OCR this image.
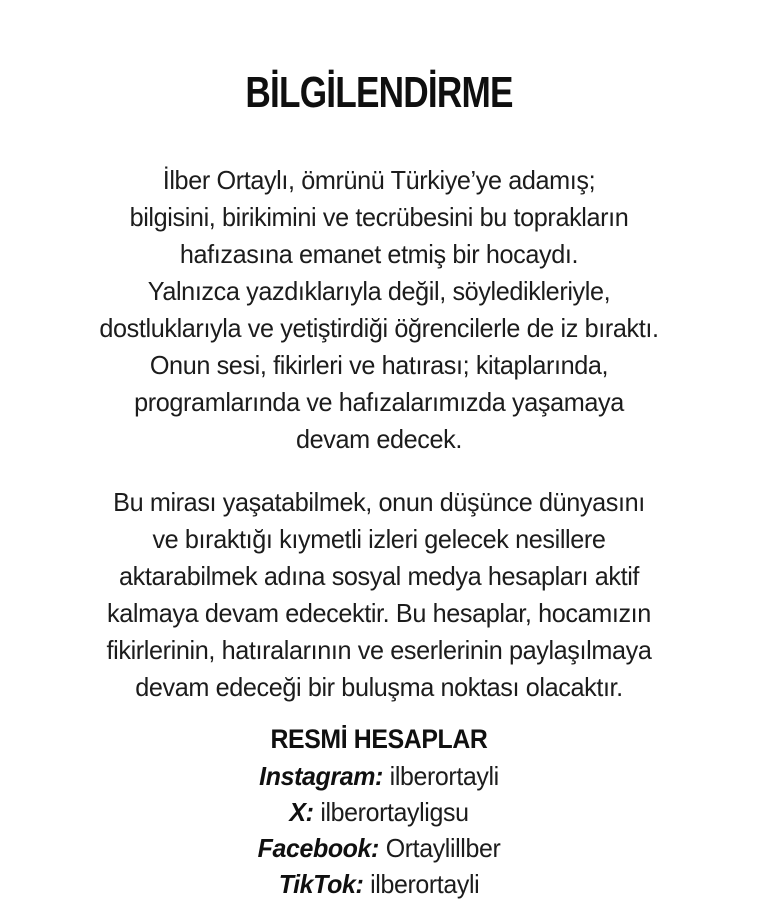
BİLGİLENDİRME
İlber Ortaylı, ömrünü Türkiye’ye adamış;
bilgisini, birikimini ve tecrübesini bu toprakların
hafızasına emanet etmiş bir hocaydı.
Yalnızca yazdıklarıyla değil, söyledikleriyle,
dostluklarıyla ve yetiştirdiği öğrencilerle de iz bıraktı.
Onun sesi, fikirleri ve hatırası; kitaplarında,
programlarında ve hafızalarımızda yaşamaya
devam edecek.
Bu mirası yaşatabilmek, onun düşünce dünyasını
ve bıraktığı kıymetli izleri gelecek nesillere
aktarabilmek adına sosyal medya hesapları aktif
kalmaya devam edecektir. Bu hesaplar, hocamızın
fikirlerinin, hatıralarının ve eserlerinin paylaşılmaya
devam edeceği bir buluşma noktası olacaktır.
RESMİ HESAPLAR
Instagram: ilberortayli
X: ilberortayligsu
Facebook: Ortaylillber
TikTok: ilberortayli
